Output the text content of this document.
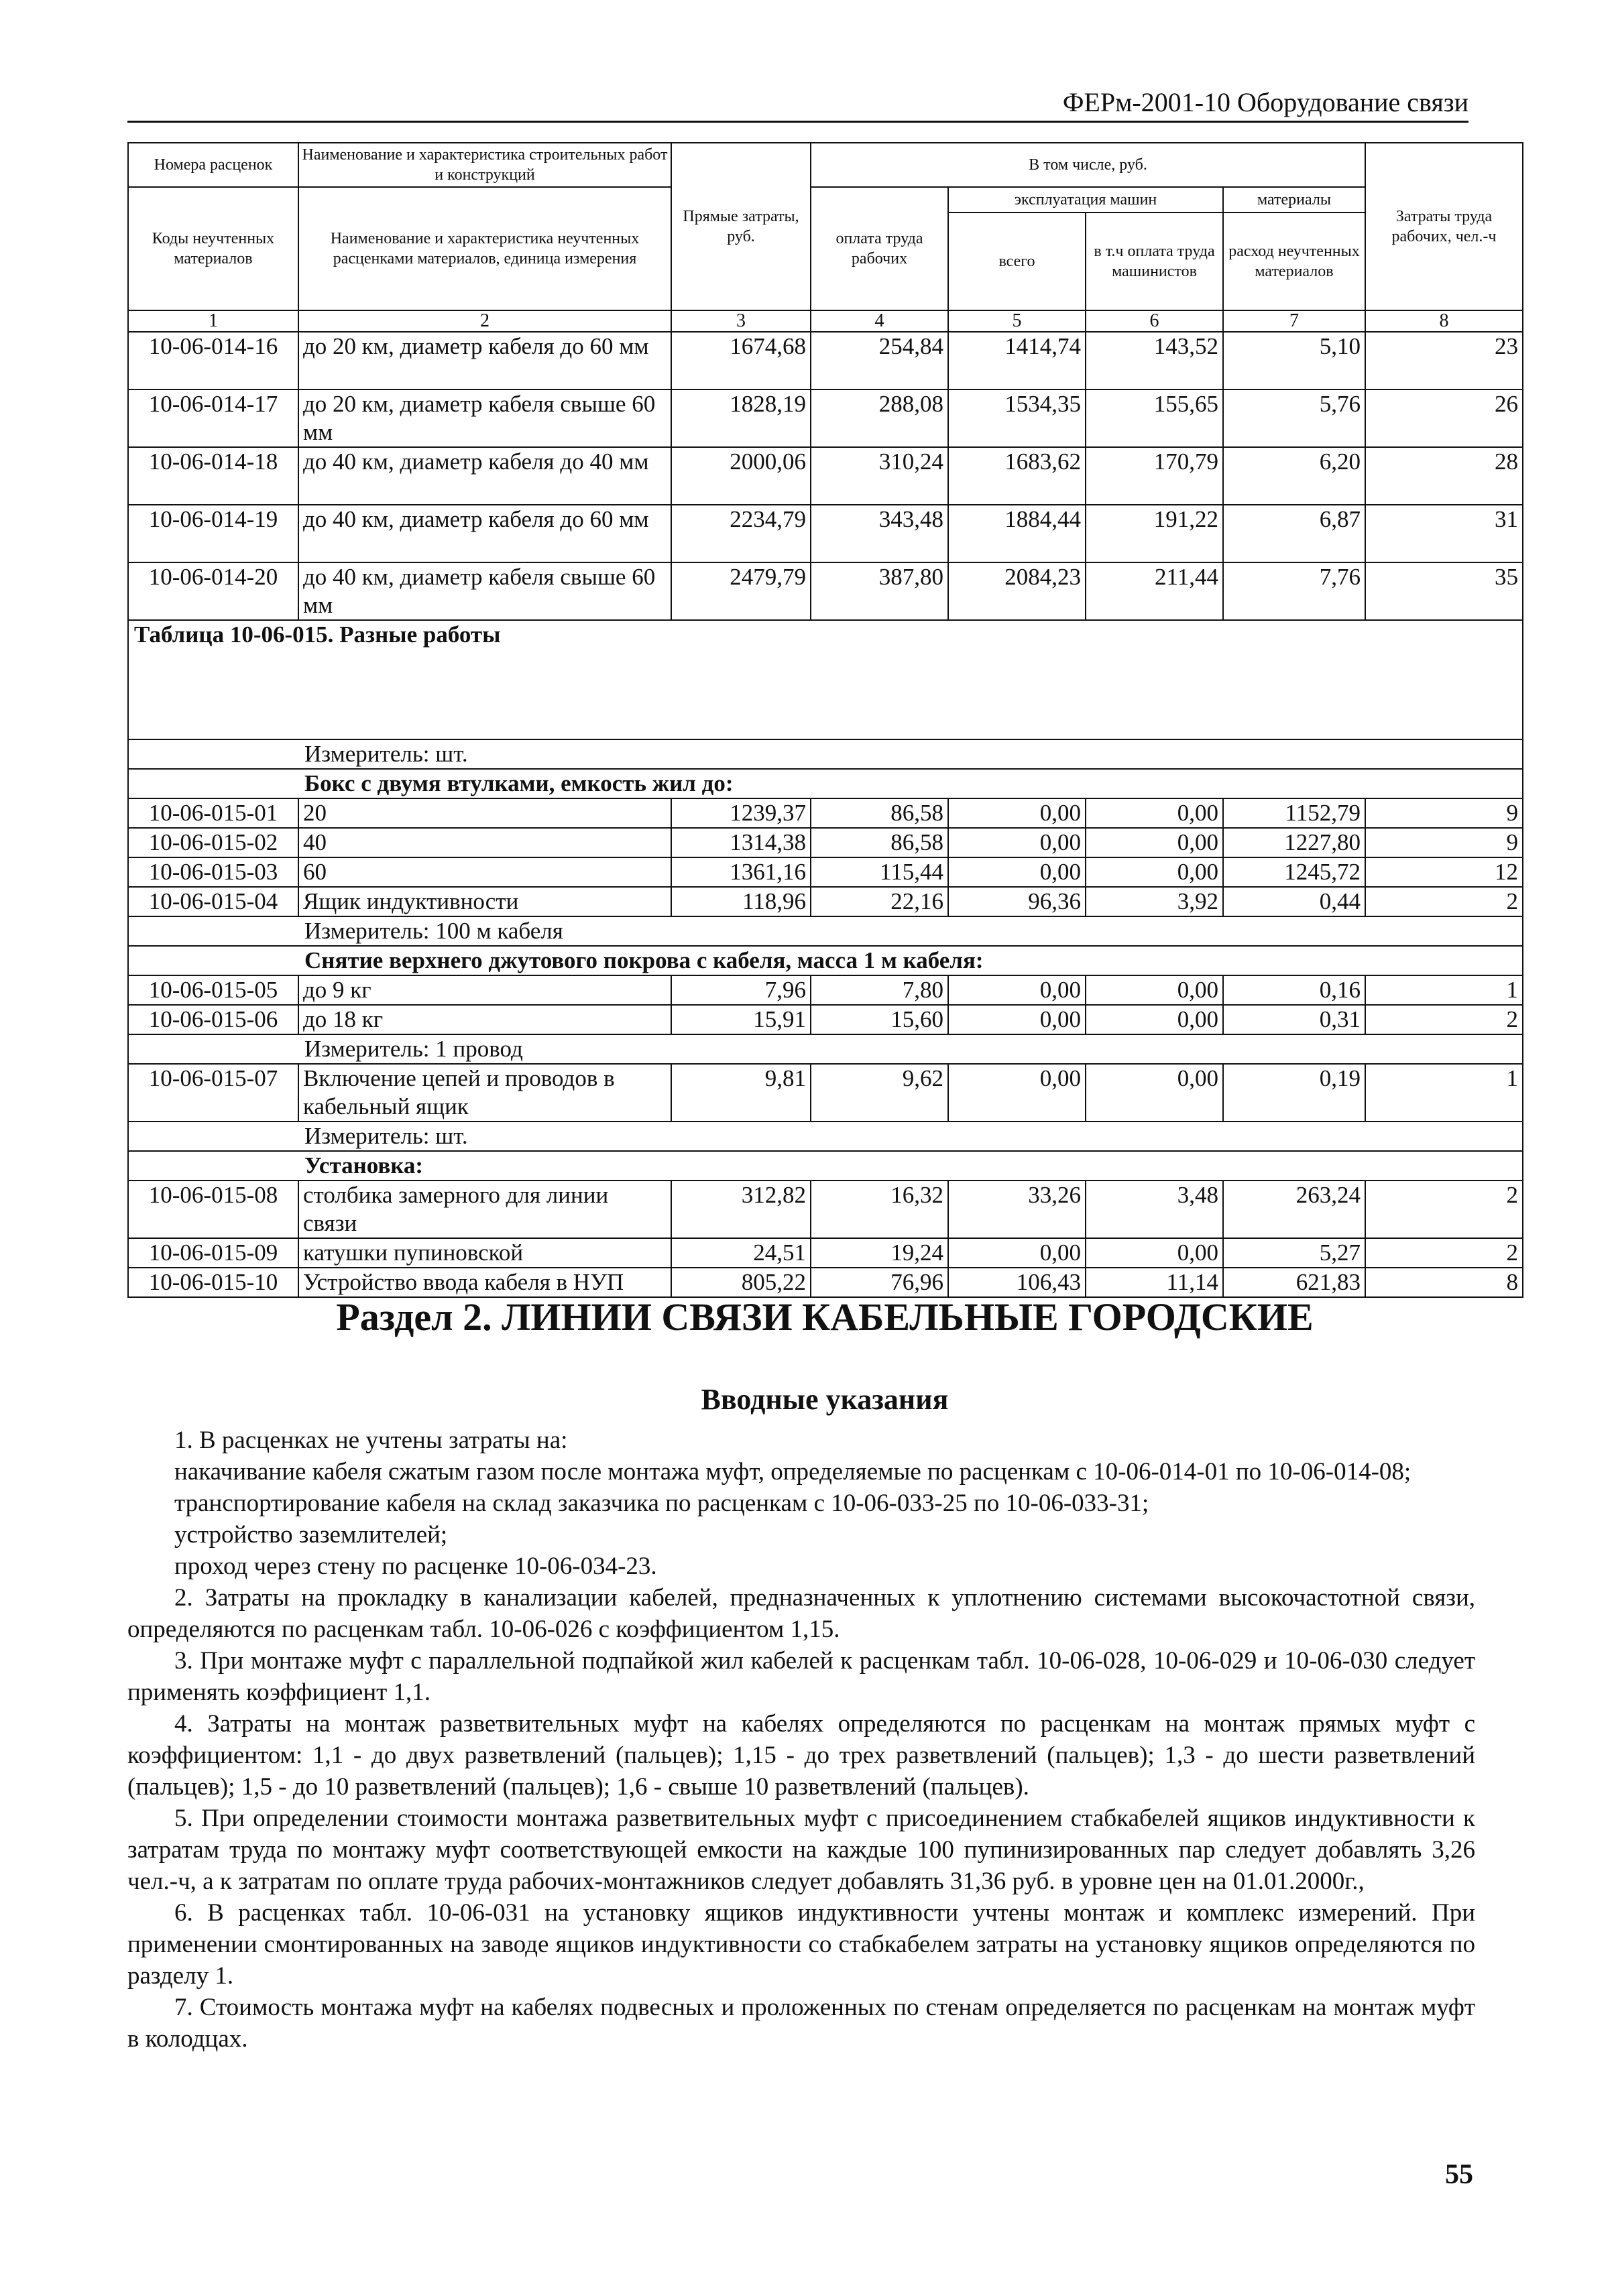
ФЕРм-2001-10 Оборудование связи
Номера расценок	Наименование и характеристика строительных работ и конструкций	Прямые затраты, руб.	В том числе, руб.				Затраты труда рабочих, чел.-ч
Коды неучтенных материалов	Наименование и характеристика неучтенных расценками материалов, единица измерения		оплата труда рабочих	эксплуатация машин		материалы	
				всего	в т.ч оплата труда машинистов	расход неучтенных материалов	
1	2	3	4	5	6	7	8
10-06-014-16	до 20 км, диаметр кабеля до 60 мм	1674,68	254,84	1414,74	143,52	5,10	23
10-06-014-17	до 20 км, диаметр кабеля свыше 60 мм	1828,19	288,08	1534,35	155,65	5,76	26
10-06-014-18	до 40 км, диаметр кабеля до 40 мм	2000,06	310,24	1683,62	170,79	6,20	28
10-06-014-19	до 40 км, диаметр кабеля до 60 мм	2234,79	343,48	1884,44	191,22	6,87	31
10-06-014-20	до 40 км, диаметр кабеля свыше 60 мм	2479,79	387,80	2084,23	211,44	7,76	35
Таблица 10-06-015. Разные работы							
Измеритель: шт.							
Бокс с двумя втулками, емкость жил до:							
10-06-015-01	20	1239,37	86,58	0,00	0,00	1152,79	9
10-06-015-02	40	1314,38	86,58	0,00	0,00	1227,80	9
10-06-015-03	60	1361,16	115,44	0,00	0,00	1245,72	12
10-06-015-04	Ящик индуктивности	118,96	22,16	96,36	3,92	0,44	2
Измеритель: 100 м кабеля							
Снятие верхнего джутового покрова с кабеля, масса 1 м кабеля:							
10-06-015-05	до 9 кг	7,96	7,80	0,00	0,00	0,16	1
10-06-015-06	до 18 кг	15,91	15,60	0,00	0,00	0,31	2
Измеритель: 1 провод							
10-06-015-07	Включение цепей и проводов в кабельный ящик	9,81	9,62	0,00	0,00	0,19	1
Измеритель: шт.							
Установка:							
10-06-015-08	столбика замерного для линии связи	312,82	16,32	33,26	3,48	263,24	2
10-06-015-09	катушки пупиновской	24,51	19,24	0,00	0,00	5,27	2
10-06-015-10	Устройство ввода кабеля в НУП	805,22	76,96	106,43	11,14	621,83	8
Раздел 2. ЛИНИИ СВЯЗИ КАБЕЛЬНЫЕ ГОРОДСКИЕ
Вводные указания

1. В расценках не учтены затраты на:

накачивание кабеля сжатым газом после монтажа муфт, определяемые по расценкам с 10-06-014-01 по 10-06-014-08;

транспортирование кабеля на склад заказчика по расценкам с 10-06-033-25 по 10-06-033-31;

устройство заземлителей;

проход через стену по расценке 10-06-034-23.

2. Затраты на прокладку в канализации кабелей, предназначенных к уплотнению системами высокочастотной связи, определяются по расценкам табл. 10-06-026 с коэффициентом 1,15.

3. При монтаже муфт с параллельной подпайкой жил кабелей к расценкам табл. 10-06-028, 10-06-029 и 10-06-030 следует применять коэффициент 1,1.

4. Затраты на монтаж разветвительных муфт на кабелях определяются по расценкам на монтаж прямых муфт с коэффициентом: 1,1 - до двух разветвлений (пальцев); 1,15 - до трех разветвлений (пальцев); 1,3 - до шести разветвлений (пальцев); 1,5 - до 10 разветвлений (пальцев); 1,6 - свыше 10 разветвлений (пальцев).

5. При определении стоимости монтажа разветвительных муфт с присоединением стабкабелей ящиков индуктивности к затратам труда по монтажу муфт соответствующей емкости на каждые 100 пупинизированных пар следует добавлять 3,26 чел.-ч, а к затратам по оплате труда рабочих-монтажников следует добавлять 31,36 руб. в уровне цен на 01.01.2000г.,

6. В расценках табл. 10-06-031 на установку ящиков индуктивности учтены монтаж и комплекс измерений. При применении смонтированных на заводе ящиков индуктивности со стабкабелем затраты на установку ящиков определяются по разделу 1.

7. Стоимость монтажа муфт на кабелях подвесных и проложенных по стенам определяется по расценкам на монтаж муфт в колодцах.

55
